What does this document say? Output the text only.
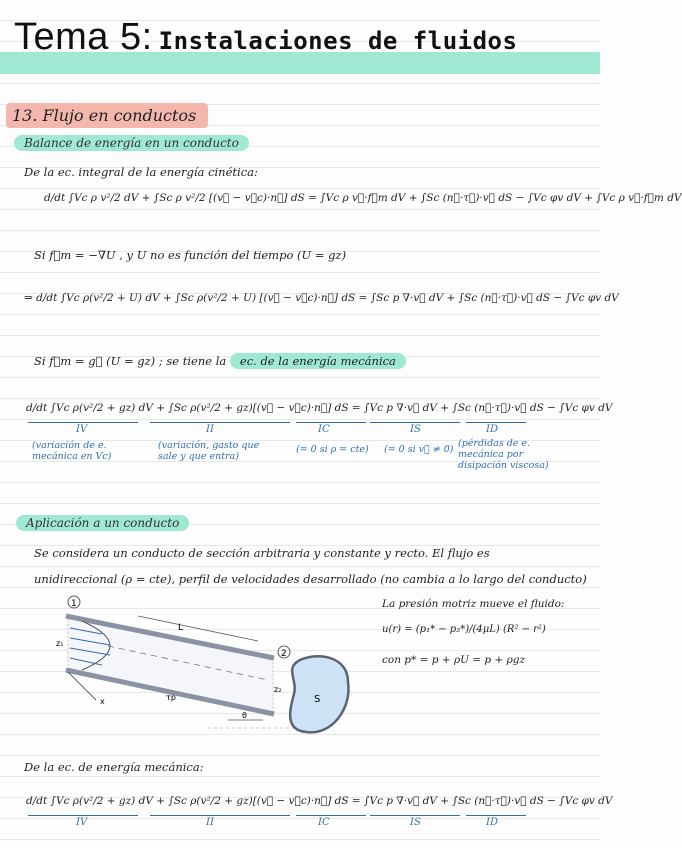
Tema 5: Instalaciones de fluidos
13. Flujo en conductos
Balance de energía en un conducto
De la ec. integral de la energía cinética:
d/dt ∫Vc ρ v²/2 dV + ∫Sc ρ v²/2 [(v⃗ − v⃗c)·n⃗] dS = ∫Vc ρ v⃗·f⃗m dV + ∫Sc (n⃗·τ⃗)·v⃗ dS − ∫Vc φv dV + ∫Vc ρ v⃗·f⃗m dV
Si f⃗m = −∇U , y U no es función del tiempo (U = gz)
⇒ d/dt ∫Vc ρ(v²/2 + U) dV + ∫Sc ρ(v²/2 + U) [(v⃗ − v⃗c)·n⃗] dS = ∫Sc p ∇·v⃗ dV + ∫Sc (n⃗·τ⃗)·v⃗ dS − ∫Vc φv dV
Si f⃗m = g⃗ (U = gz) ; se tiene la ec. de la energía mecánica
d/dt ∫Vc ρ(v²/2 + gz) dV + ∫Sc ρ(v²/2 + gz)[(v⃗ − v⃗c)·n⃗] dS = ∫Vc p ∇·v⃗ dV + ∫Sc (n⃗·τ⃗)·v⃗ dS − ∫Vc φv dV
IV	II	IC	IS	ID
(variación de e. mecánica en Vc)
(variación, gasto que sale y que entra)
(= 0 si ρ = cte) (= 0 si v⃗ ≠ 0)
(pérdidas de e. mecánica por disipación viscosa)
Aplicación a un conducto
Se considera un conducto de sección arbitraria y constante y recto. El flujo es
unidireccional (ρ = cte), perfil de velocidades desarrollado (no cambia a lo largo del conducto)
1
2
L
z₁
z₂
x	τp
θ
S
La presión motriz mueve el fluido:
u(r) = (p₁* − p₂*)/(4μL) (R² − r²)
con p* = p + ρU = p + ρgz
De la ec. de energía mecánica:
d/dt ∫Vc ρ(v²/2 + gz) dV + ∫Sc ρ(v²/2 + gz)[(v⃗ − v⃗c)·n⃗] dS = ∫Vc p ∇·v⃗ dV + ∫Sc (n⃗·τ⃗)·v⃗ dS − ∫Vc φv dV
IV	II	IC	IS	ID
